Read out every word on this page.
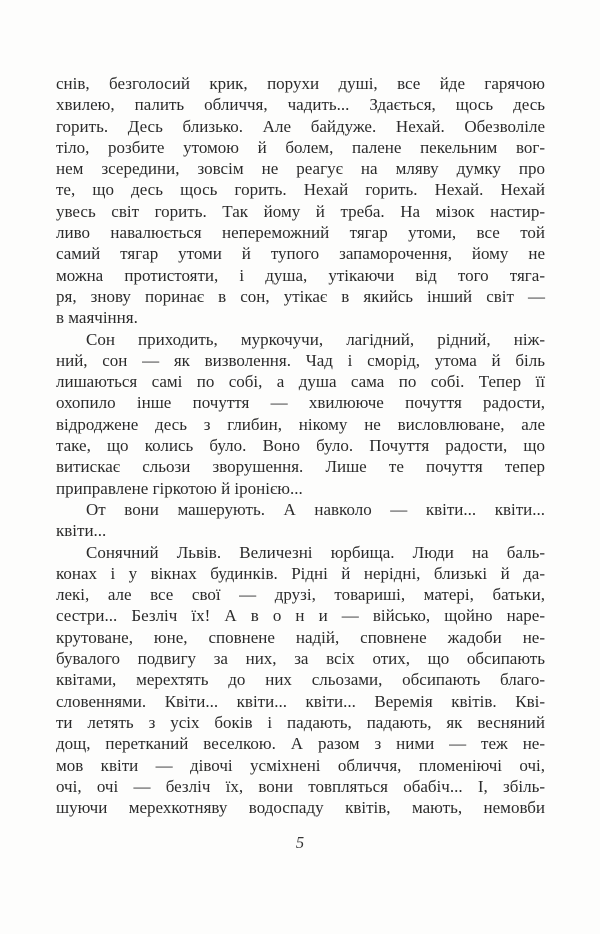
снів, безголосий крик, порухи душі, все йде гарячою
хвилею, палить обличчя, чадить... Здається, щось десь
горить. Десь близько. Але байдуже. Нехай. Обезволіле
тіло, розбите утомою й болем, палене пекельним вог-
нем зсередини, зовсім не реагує на мляву думку про
те, що десь щось горить. Нехай горить. Нехай. Нехай
увесь світ горить. Так йому й треба. На мізок настир-
ливо навалюється непереможний тягар утоми, все той
самий тягар утоми й тупого запаморочення, йому не
можна протистояти, і душа, утікаючи від того тяга-
ря, знову поринає в сон, утікає в якийсь інший світ —
в маячіння.
Сон приходить, муркочучи, лагідний, рідний, ніж-
ний, сон — як визволення. Чад і сморід, утома й біль
лишаються самі по собі, а душа сама по собі. Тепер її
охопило інше почуття — хвилююче почуття радости,
відроджене десь з глибин, нікому не висловлюване, але
таке, що колись було. Воно було. Почуття радости, що
витискає сльози зворушення. Лише те почуття тепер
приправлене гіркотою й іронією...
От вони машерують. А навколо — квіти... квіти...
квіти...
Сонячний Львів. Величезні юрбища. Люди на баль-
конах і у вікнах будинків. Рідні й нерідні, близькі й да-
лекі, але все свої — друзі, товариші, матері, батьки,
сестри... Безліч їх! А в о н и — військо, щойно наре-
крутоване, юне, сповнене надій, сповнене жадоби не-
бувалого подвигу за них, за всіх отих, що обсипають
квітами, мерехтять до них сльозами, обсипають благо-
словеннями. Квіти... квіти... квіти... Веремія квітів. Кві-
ти летять з усіх боків і падають, падають, як весняний
дощ, перетканий веселкою. А разом з ними — теж не-
мов квіти — дівочі усміхнені обличчя, пломеніючі очі,
очі, очі — безліч їх, вони товпляться обабіч... І, збіль-
шуючи мерехкотняву водоспаду квітів, мають, немовби
5
